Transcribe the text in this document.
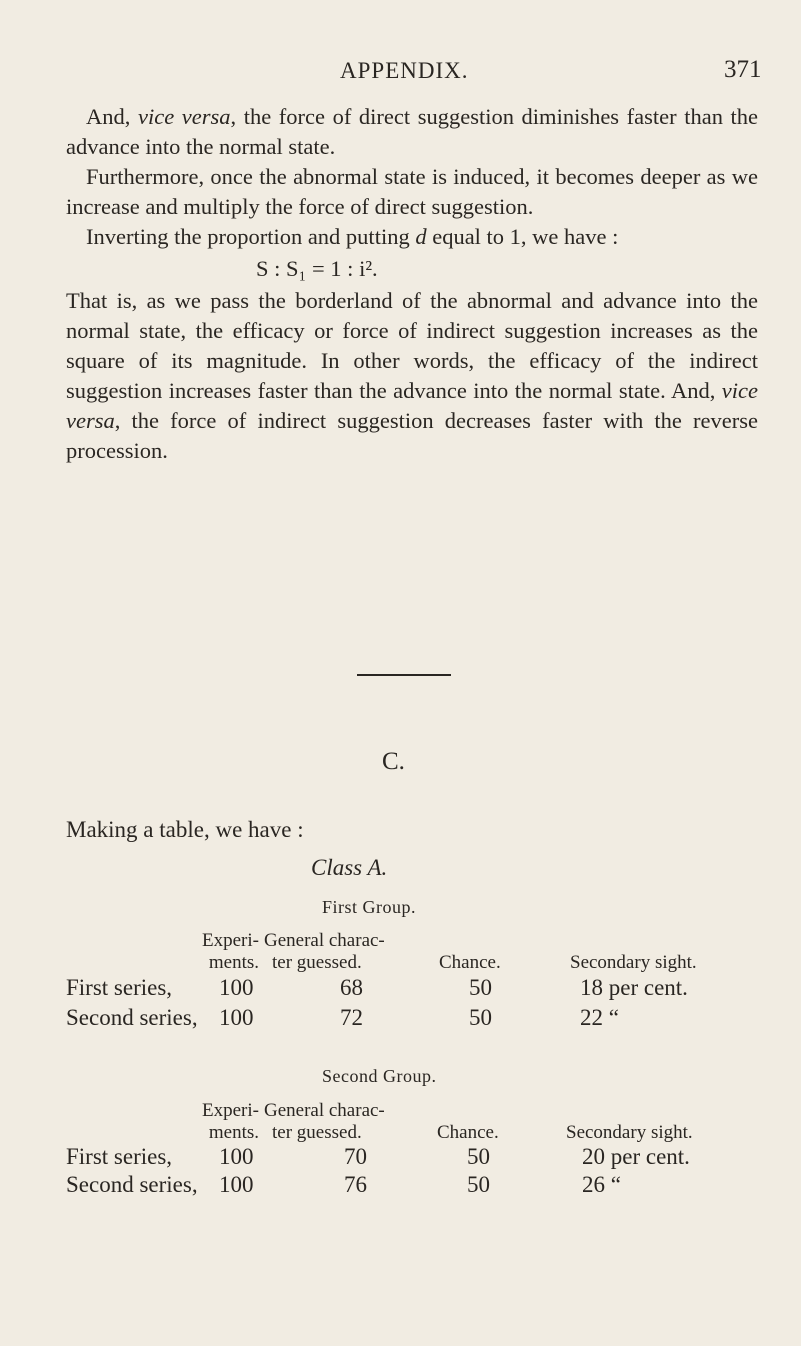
APPENDIX.	371

And, vice versa, the force of direct suggestion diminishes faster than the advance into the normal state.

Furthermore, once the abnormal state is induced, it becomes deeper as we increase and multiply the force of direct suggestion.

Inverting the proportion and putting d equal to 1, we have :

S : S₁ = 1 : i².

That is, as we pass the borderland of the abnormal and advance into the normal state, the efficacy or force of indirect suggestion increases as the square of its magnitude. In other words, the efficacy of the indirect suggestion increases faster than the advance into the normal state. And, vice versa, the force of indirect suggestion decreases faster with the reverse procession.

C.
Making a table, we have :
Class A.
First Group.
Experi-
ments.
General charac-
ter guessed.	Chance.	Secondary sight.
First series, 100	68	50	18 per cent.
Second series, 100	72	50	22 “
Second Group.
Experi-
ments.
General charac-
ter guessed.	Chance.	Secondary sight.
First series, 100	70	50	20 per cent.
Second series, 100	76	50	26 “
